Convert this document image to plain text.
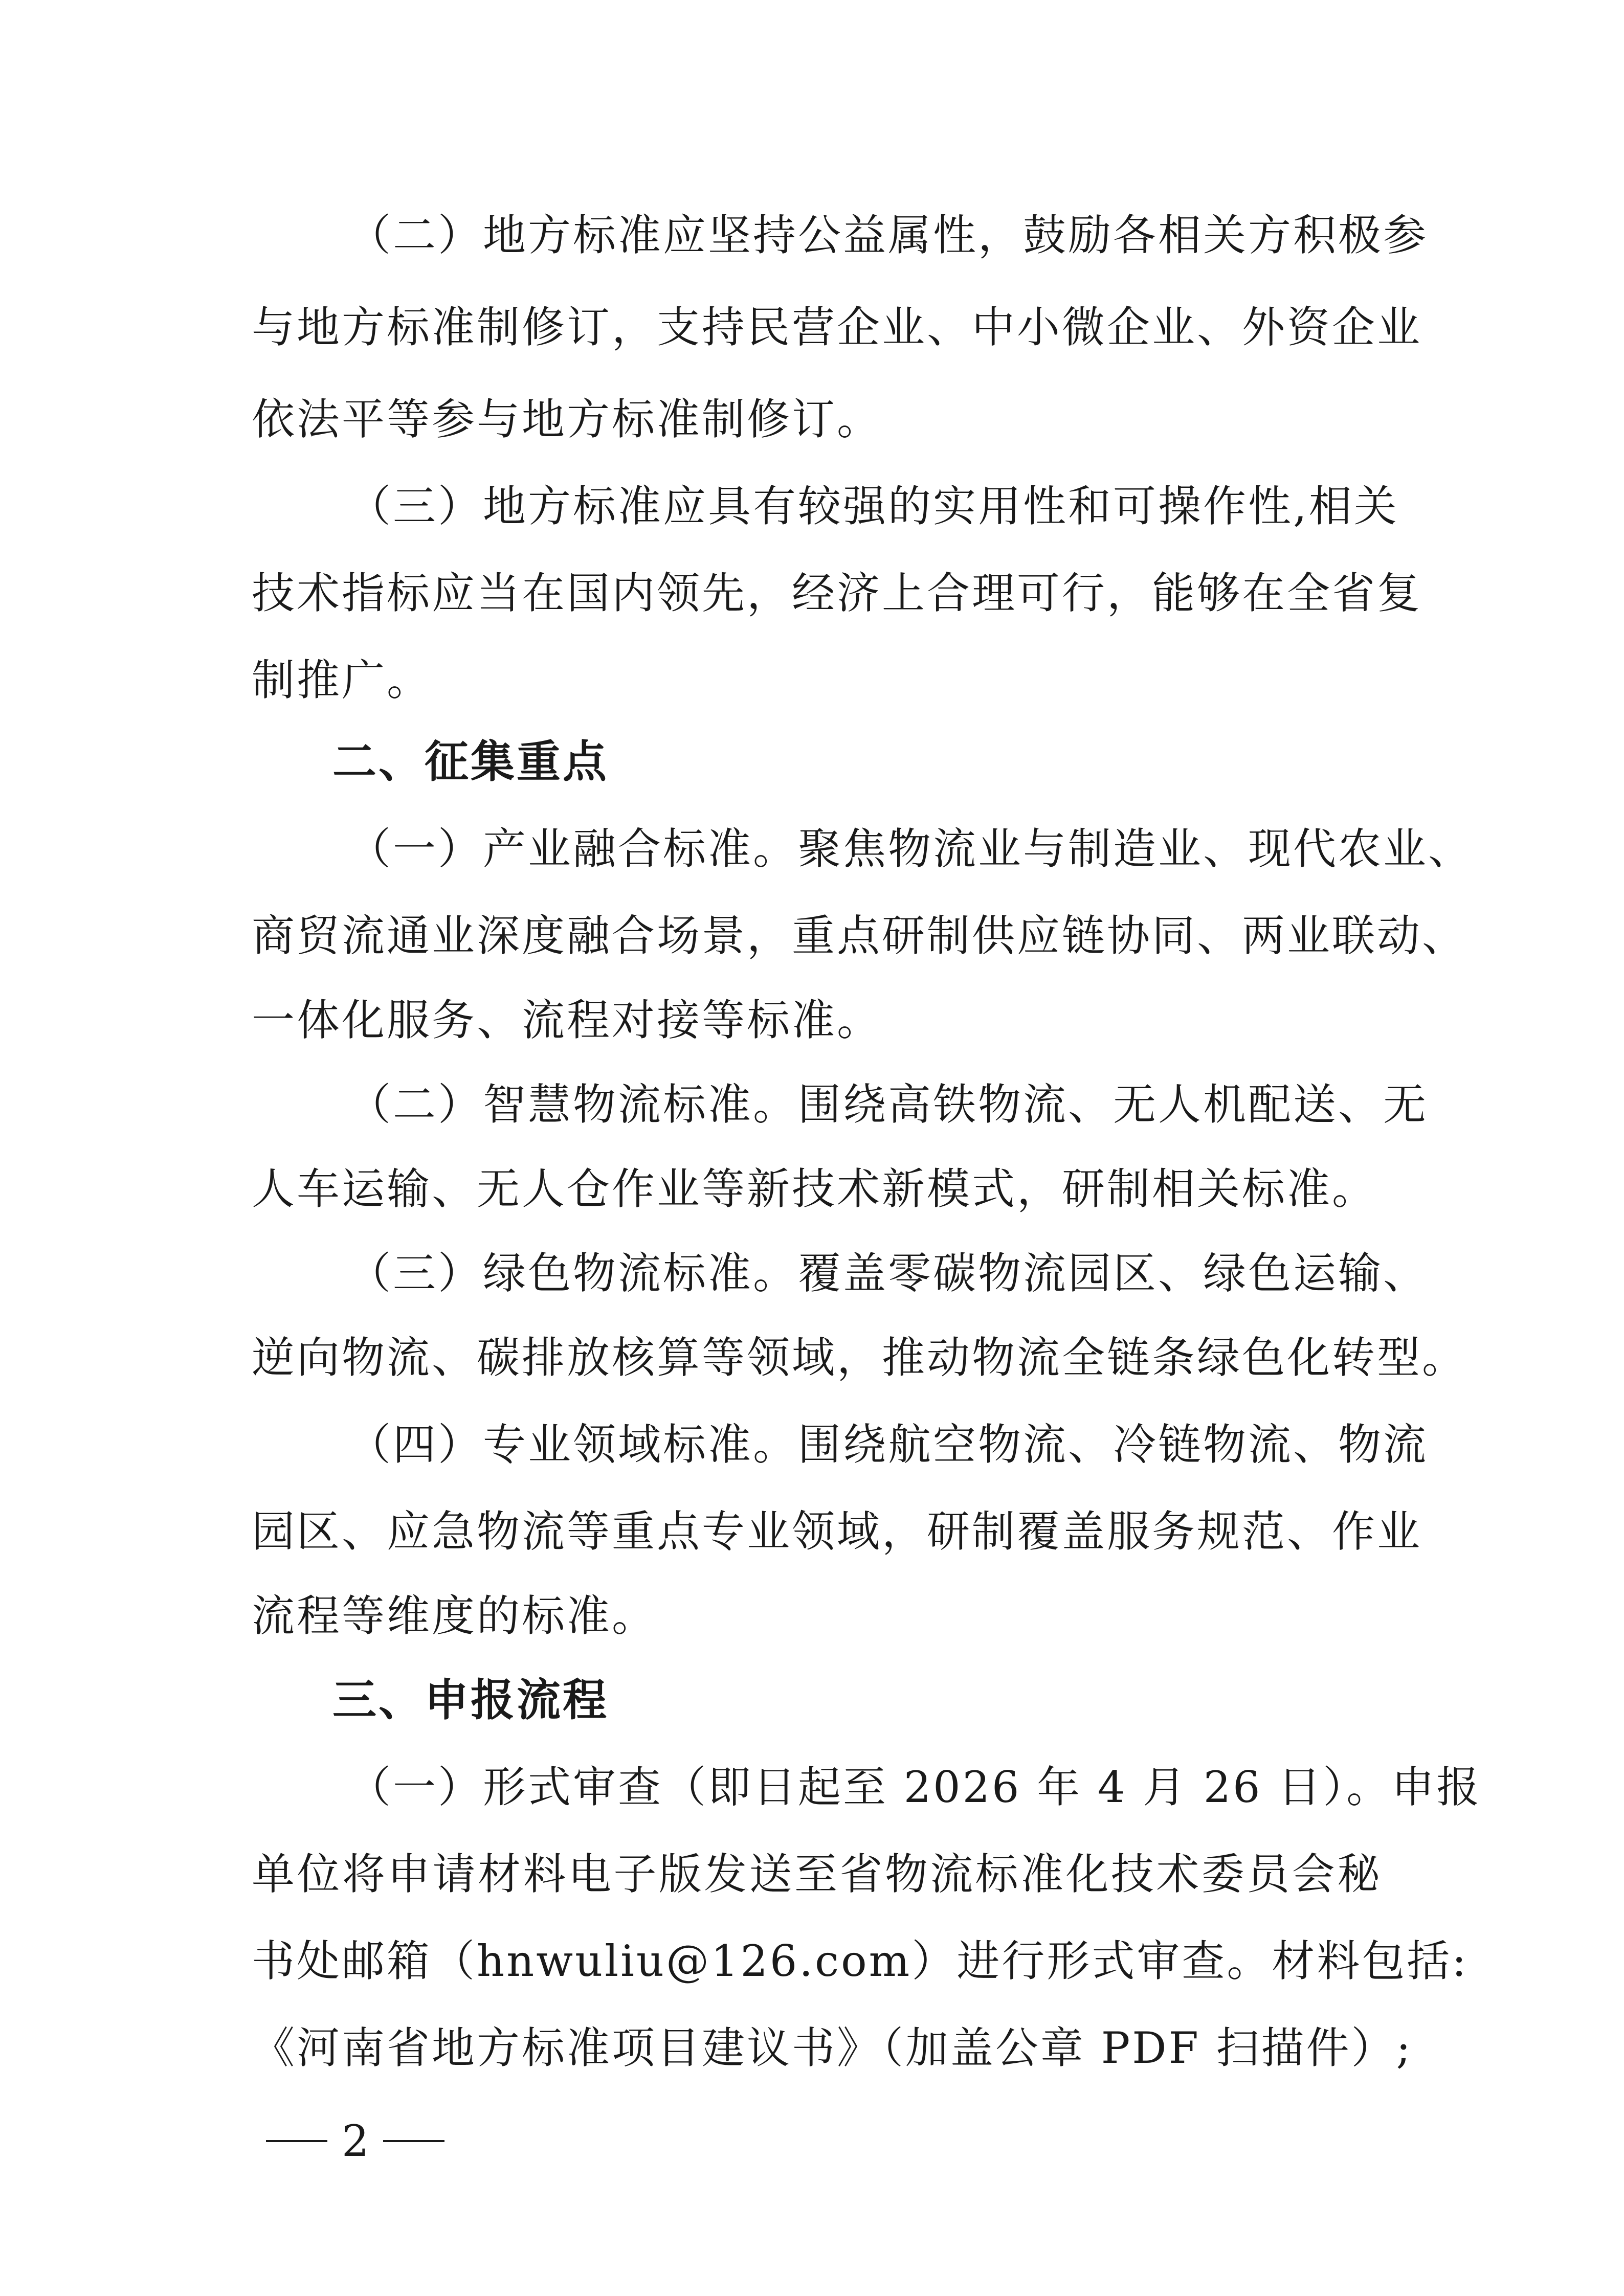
（二）地方标准应坚持公益属性，鼓励各相关方积极参
与地方标准制修订，支持民营企业、中小微企业、外资企业
依法平等参与地方标准制修订。
（三）地方标准应具有较强的实用性和可操作性,相关
技术指标应当在国内领先，经济上合理可行，能够在全省复
制推广。
二、征集重点
（一）产业融合标准。聚焦物流业与制造业、现代农业、
商贸流通业深度融合场景，重点研制供应链协同、两业联动、
一体化服务、流程对接等标准。
（二）智慧物流标准。围绕高铁物流、无人机配送、无
人车运输、无人仓作业等新技术新模式，研制相关标准。
（三）绿色物流标准。覆盖零碳物流园区、绿色运输、
逆向物流、碳排放核算等领域，推动物流全链条绿色化转型。
（四）专业领域标准。围绕航空物流、冷链物流、物流
园区、应急物流等重点专业领域，研制覆盖服务规范、作业
流程等维度的标准。
三、申报流程
（一）形式审查（即日起至 2026 年 4 月 26 日）。申报
单位将申请材料电子版发送至省物流标准化技术委员会秘
书处邮箱（hnwuliu@126.com）进行形式审查。材料包括:
《河南省地方标准项目建议书》（加盖公章 PDF 扫描件）;
2
